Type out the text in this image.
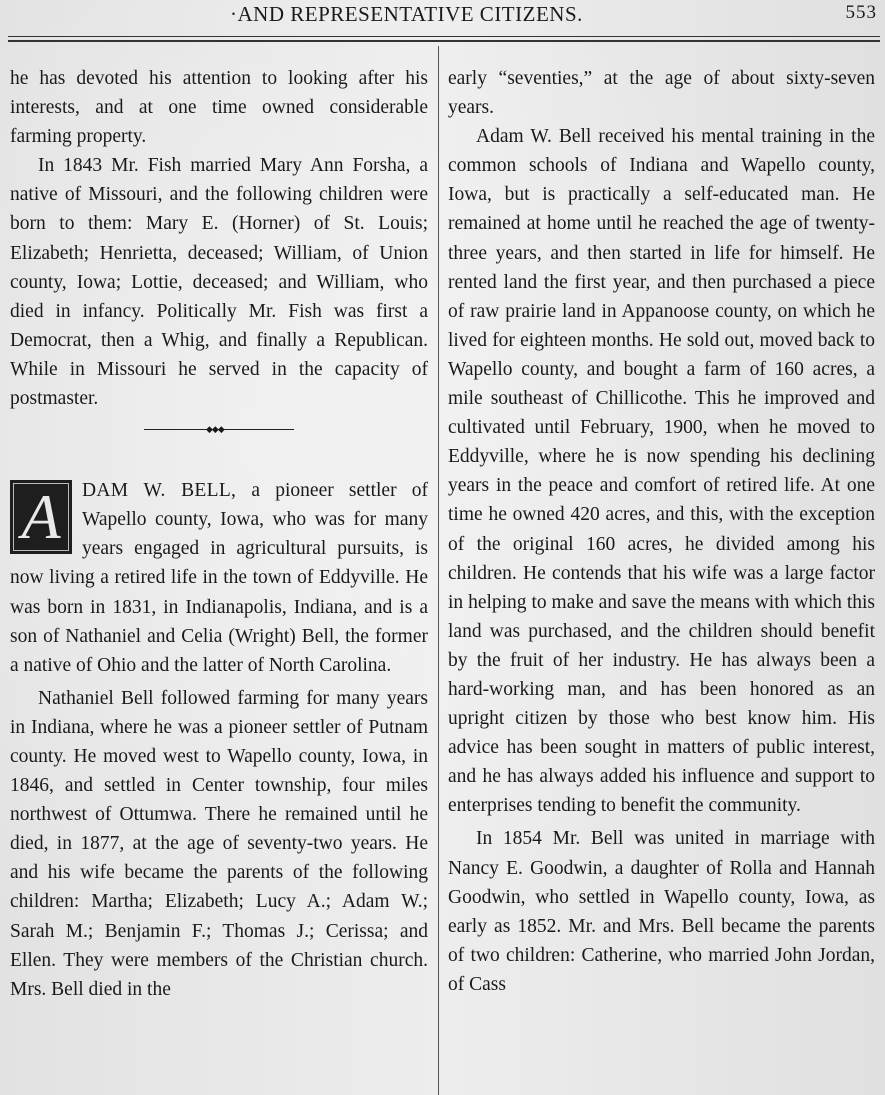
·AND REPRESENTATIVE CITIZENS.	553

he has devoted his attention to looking after his interests, and at one time owned considerable farming property.

In 1843 Mr. Fish married Mary Ann Forsha, a native of Missouri, and the following children were born to them: Mary E. (Horner) of St. Louis; Elizabeth; Henrietta, deceased; William, of Union county, Iowa; Lottie, deceased; and William, who died in infancy. Politically Mr. Fish was first a Democrat, then a Whig, and finally a Republican. While in Missouri he served in the capacity of postmaster.

◆◆◆
A	DAM W. BELL, a pioneer settler of Wapello county, Iowa, who was for many years engaged in agricultural pursuits, is now living a retired life in the town of Eddyville. He was born in 1831, in Indianapolis, Indiana, and is a son of Nathaniel and Celia (Wright) Bell, the former a native of Ohio and the latter of North Carolina.

Nathaniel Bell followed farming for many years in Indiana, where he was a pioneer settler of Putnam county. He moved west to Wapello county, Iowa, in 1846, and settled in Center township, four miles northwest of Ottumwa. There he remained until he died, in 1877, at the age of seventy-two years. He and his wife became the parents of the following children: Martha; Elizabeth; Lucy A.; Adam W.; Sarah M.; Benjamin F.; Thomas J.; Cerissa; and Ellen. They were members of the Christian church. Mrs. Bell died in the

early “seventies,” at the age of about sixty-seven years.

Adam W. Bell received his mental training in the common schools of Indiana and Wapello county, Iowa, but is practically a self-educated man. He remained at home until he reached the age of twenty-three years, and then started in life for himself. He rented land the first year, and then purchased a piece of raw prairie land in Appanoose county, on which he lived for eighteen months. He sold out, moved back to Wapello county, and bought a farm of 160 acres, a mile southeast of Chillicothe. This he improved and cultivated until February, 1900, when he moved to Eddyville, where he is now spending his declining years in the peace and comfort of retired life. At one time he owned 420 acres, and this, with the exception of the original 160 acres, he divided among his children. He contends that his wife was a large factor in helping to make and save the means with which this land was purchased, and the children should benefit by the fruit of her industry. He has always been a hard-working man, and has been honored as an upright citizen by those who best know him. His advice has been sought in matters of public interest, and he has always added his influence and support to enterprises tending to benefit the community.

In 1854 Mr. Bell was united in marriage with Nancy E. Goodwin, a daughter of Rolla and Hannah Goodwin, who settled in Wapello county, Iowa, as early as 1852. Mr. and Mrs. Bell became the parents of two children: Catherine, who married John Jordan, of Cass
